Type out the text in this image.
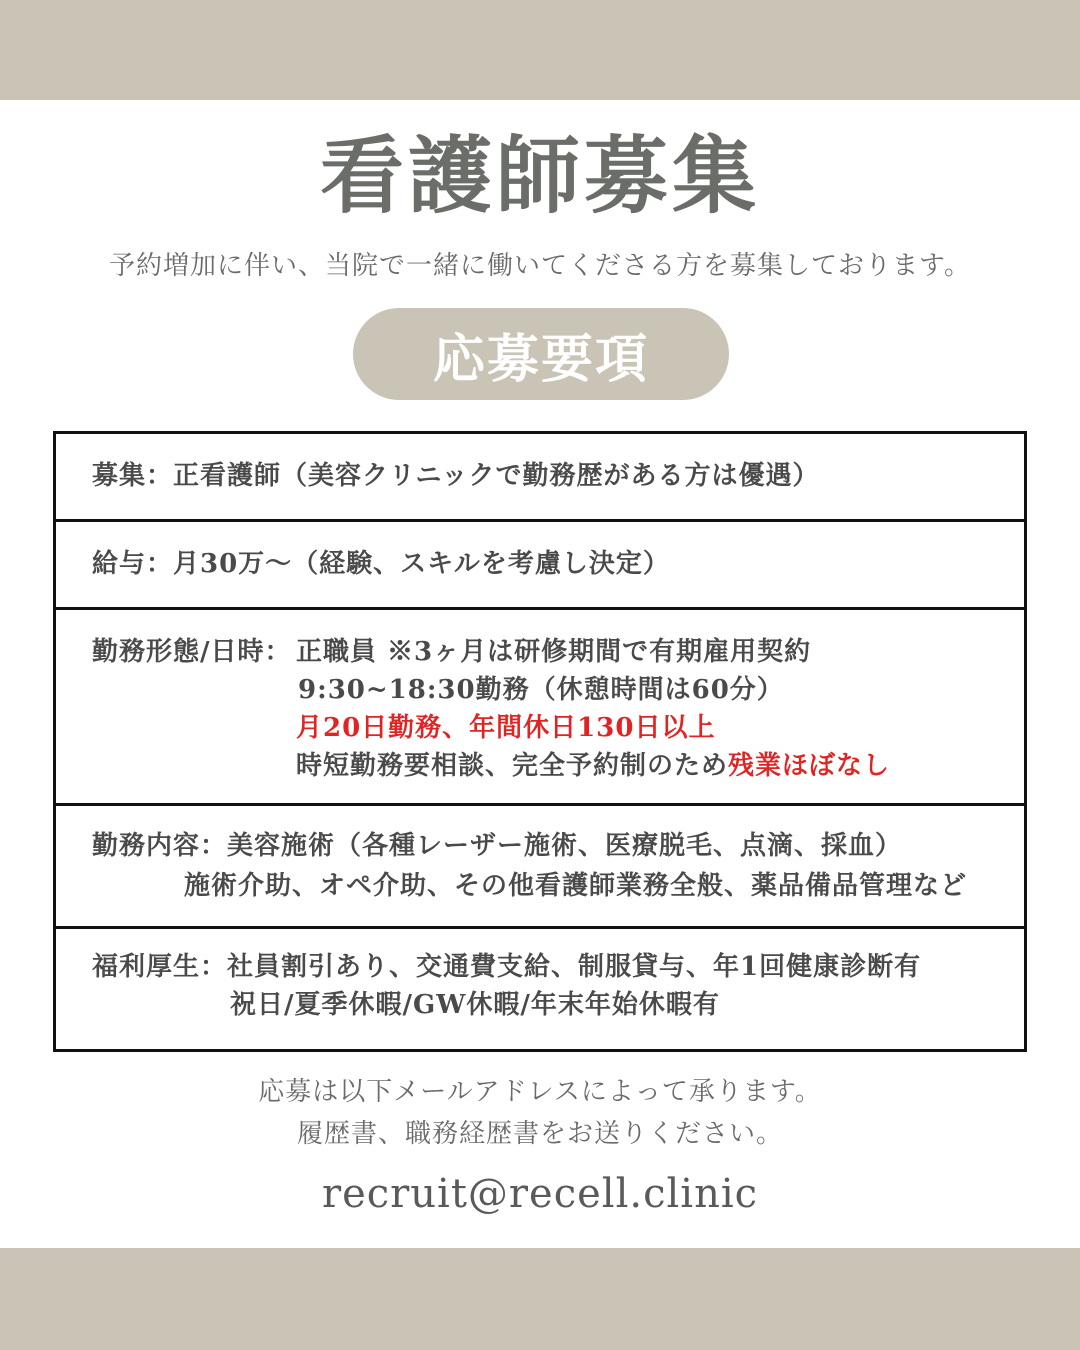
看護師募集
予約増加に伴い、当院で一緒に働いてくださる方を募集しております。
応募要項
募集：正看護師（美容クリニックで勤務歴がある方は優遇）
給与：月30万〜（経験、スキルを考慮し決定）
勤務形態/日時： 正職員 ※3ヶ月は研修期間で有期雇用契約
9:30~18:30勤務（休憩時間は60分）
月20日勤務、年間休日130日以上
時短勤務要相談、完全予約制のため残業ほぼなし
勤務内容：美容施術（各種レーザー施術、医療脱毛、点滴、採血）
施術介助、オペ介助、その他看護師業務全般、薬品備品管理など
福利厚生：社員割引あり、交通費支給、制服貸与、年1回健康診断有
祝日/夏季休暇/GW休暇/年末年始休暇有
応募は以下メールアドレスによって承ります。
履歴書、職務経歴書をお送りください。
recruit@recell.clinic
